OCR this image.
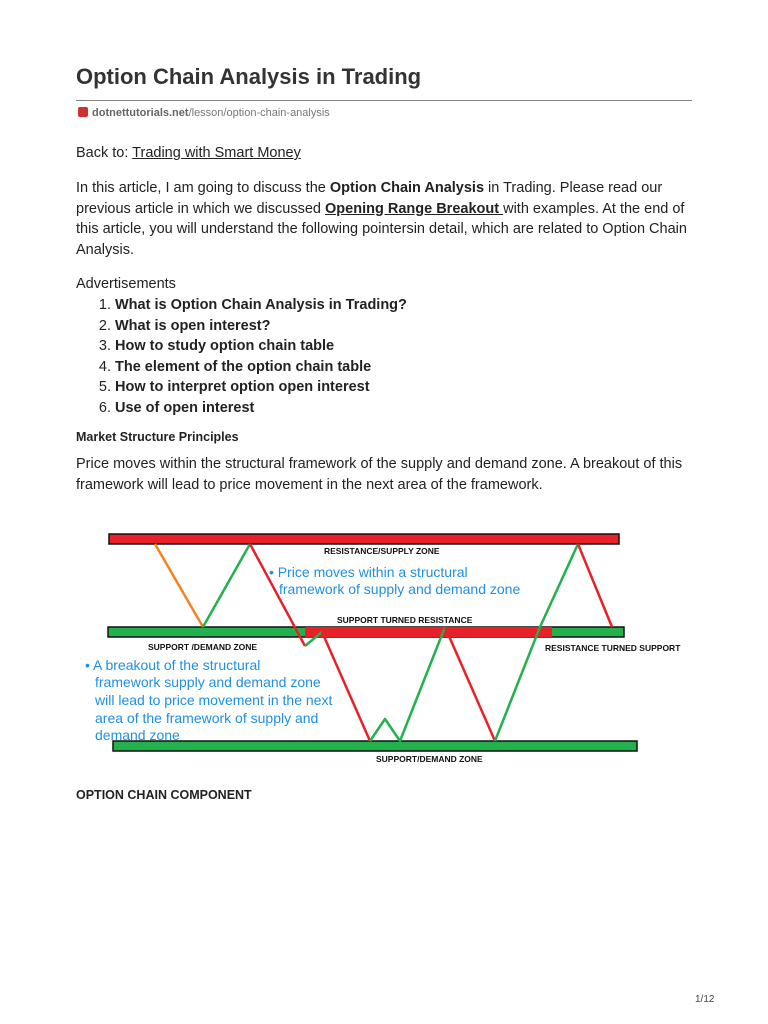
Option Chain Analysis in Trading
dotnettutorials.net/lesson/option-chain-analysis
Back to: Trading with Smart Money

In this article, I am going to discuss the Option Chain Analysis in Trading. Please read our previous article in which we discussed Opening Range Breakout with examples. At the end of this article, you will understand the following pointersin detail, which are related to Option Chain Analysis.

Advertisements
1. What is Option Chain Analysis in Trading?
2. What is open interest?
3. How to study option chain table
4. The element of the option chain table
5. How to interpret option open interest
6. Use of open interest
Market Structure Principles

Price moves within the structural framework of the supply and demand zone. A breakout of this framework will lead to price movement in the next area of the framework.

OPTION CHAIN COMPONENT
RESISTANCE/SUPPLY ZONE
SUPPORT TURNED RESISTANCE
SUPPORT /DEMAND ZONE	RESISTANCE TURNED SUPPORT
SUPPORT/DEMAND ZONE
• Price moves within a structural
framework of supply and demand zone
• A breakout of the structural
framework supply and demand zone
will lead to price movement in the next
area of the framework of supply and
demand zone
1/12
